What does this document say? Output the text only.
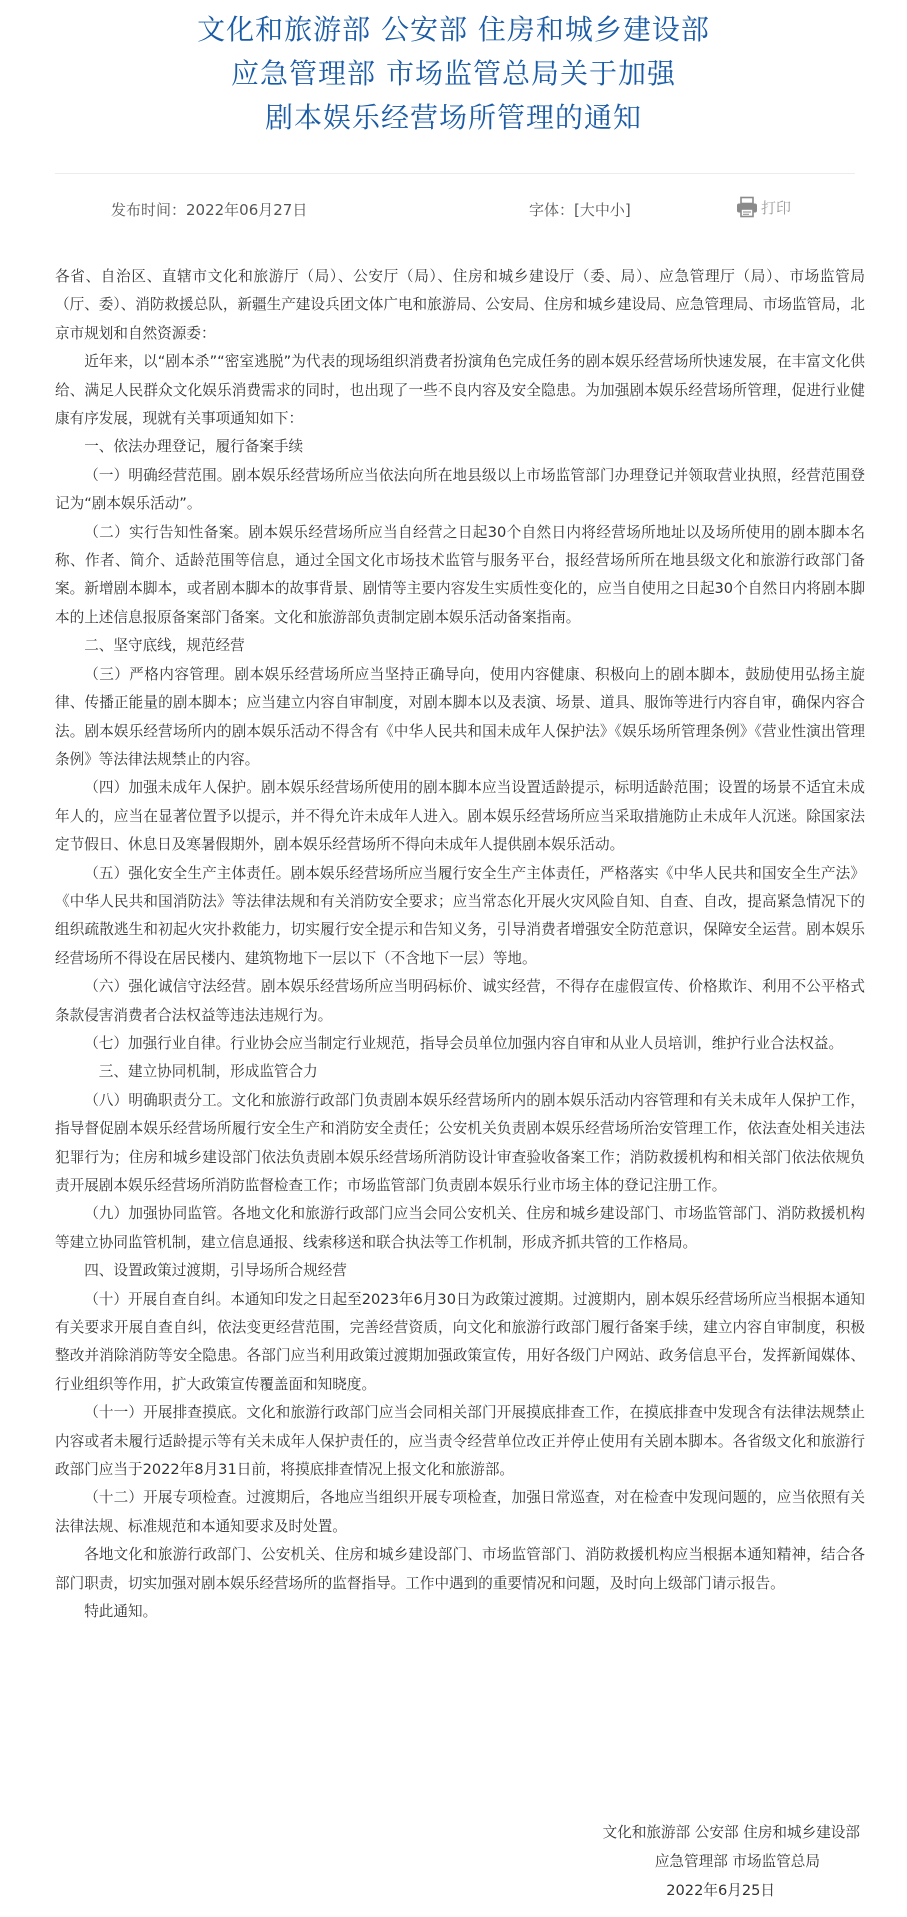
文化和旅游部 公安部 住房和城乡建设部
应急管理部 市场监管总局关于加强
剧本娱乐经营场所管理的通知
发布时间：2022年06月27日	字体：[大中小]	打印

各省、自治区、直辖市文化和旅游厅（局）、公安厅（局）、住房和城乡建设厅（委、局）、应急管理厅（局）、市场监管局（厅、委）、消防救援总队，新疆生产建设兵团文体广电和旅游局、公安局、住房和城乡建设局、应急管理局、市场监管局，北京市规划和自然资源委：

近年来，以“剧本杀”“密室逃脱”为代表的现场组织消费者扮演角色完成任务的剧本娱乐经营场所快速发展，在丰富文化供给、满足人民群众文化娱乐消费需求的同时，也出现了一些不良内容及安全隐患。为加强剧本娱乐经营场所管理，促进行业健康有序发展，现就有关事项通知如下：

一、依法办理登记，履行备案手续

（一）明确经营范围。剧本娱乐经营场所应当依法向所在地县级以上市场监管部门办理登记并领取营业执照，经营范围登记为“剧本娱乐活动”。

（二）实行告知性备案。剧本娱乐经营场所应当自经营之日起30个自然日内将经营场所地址以及场所使用的剧本脚本名称、作者、简介、适龄范围等信息，通过全国文化市场技术监管与服务平台，报经营场所所在地县级文化和旅游行政部门备案。新增剧本脚本，或者剧本脚本的故事背景、剧情等主要内容发生实质性变化的，应当自使用之日起30个自然日内将剧本脚本的上述信息报原备案部门备案。文化和旅游部负责制定剧本娱乐活动备案指南。

二、坚守底线，规范经营

（三）严格内容管理。剧本娱乐经营场所应当坚持正确导向，使用内容健康、积极向上的剧本脚本，鼓励使用弘扬主旋律、传播正能量的剧本脚本；应当建立内容自审制度，对剧本脚本以及表演、场景、道具、服饰等进行内容自审，确保内容合法。剧本娱乐经营场所内的剧本娱乐活动不得含有《中华人民共和国未成年人保护法》《娱乐场所管理条例》《营业性演出管理条例》等法律法规禁止的内容。

（四）加强未成年人保护。剧本娱乐经营场所使用的剧本脚本应当设置适龄提示，标明适龄范围；设置的场景不适宜未成年人的，应当在显著位置予以提示，并不得允许未成年人进入。剧本娱乐经营场所应当采取措施防止未成年人沉迷。除国家法定节假日、休息日及寒暑假期外，剧本娱乐经营场所不得向未成年人提供剧本娱乐活动。

（五）强化安全生产主体责任。剧本娱乐经营场所应当履行安全生产主体责任，严格落实《中华人民共和国安全生产法》《中华人民共和国消防法》等法律法规和有关消防安全要求；应当常态化开展火灾风险自知、自查、自改，提高紧急情况下的组织疏散逃生和初起火灾扑救能力，切实履行安全提示和告知义务，引导消费者增强安全防范意识，保障安全运营。剧本娱乐经营场所不得设在居民楼内、建筑物地下一层以下（不含地下一层）等地。

（六）强化诚信守法经营。剧本娱乐经营场所应当明码标价、诚实经营，不得存在虚假宣传、价格欺诈、利用不公平格式条款侵害消费者合法权益等违法违规行为。

（七）加强行业自律。行业协会应当制定行业规范，指导会员单位加强内容自审和从业人员培训，维护行业合法权益。

三、建立协同机制，形成监管合力

（八）明确职责分工。文化和旅游行政部门负责剧本娱乐经营场所内的剧本娱乐活动内容管理和有关未成年人保护工作，指导督促剧本娱乐经营场所履行安全生产和消防安全责任；公安机关负责剧本娱乐经营场所治安管理工作，依法查处相关违法犯罪行为；住房和城乡建设部门依法负责剧本娱乐经营场所消防设计审查验收备案工作；消防救援机构和相关部门依法依规负责开展剧本娱乐经营场所消防监督检查工作；市场监管部门负责剧本娱乐行业市场主体的登记注册工作。

（九）加强协同监管。各地文化和旅游行政部门应当会同公安机关、住房和城乡建设部门、市场监管部门、消防救援机构等建立协同监管机制，建立信息通报、线索移送和联合执法等工作机制，形成齐抓共管的工作格局。

四、设置政策过渡期，引导场所合规经营

（十）开展自查自纠。本通知印发之日起至2023年6月30日为政策过渡期。过渡期内，剧本娱乐经营场所应当根据本通知有关要求开展自查自纠，依法变更经营范围，完善经营资质，向文化和旅游行政部门履行备案手续，建立内容自审制度，积极整改并消除消防等安全隐患。各部门应当利用政策过渡期加强政策宣传，用好各级门户网站、政务信息平台，发挥新闻媒体、行业组织等作用，扩大政策宣传覆盖面和知晓度。

（十一）开展排查摸底。文化和旅游行政部门应当会同相关部门开展摸底排查工作，在摸底排查中发现含有法律法规禁止内容或者未履行适龄提示等有关未成年人保护责任的，应当责令经营单位改正并停止使用有关剧本脚本。各省级文化和旅游行政部门应当于2022年8月31日前，将摸底排查情况上报文化和旅游部。

（十二）开展专项检查。过渡期后，各地应当组织开展专项检查，加强日常巡查，对在检查中发现问题的，应当依照有关法律法规、标准规范和本通知要求及时处置。

各地文化和旅游行政部门、公安机关、住房和城乡建设部门、市场监管部门、消防救援机构应当根据本通知精神，结合各部门职责，切实加强对剧本娱乐经营场所的监督指导。工作中遇到的重要情况和问题，及时向上级部门请示报告。

特此通知。

文化和旅游部 公安部 住房和城乡建设部
应急管理部 市场监管总局
2022年6月25日
